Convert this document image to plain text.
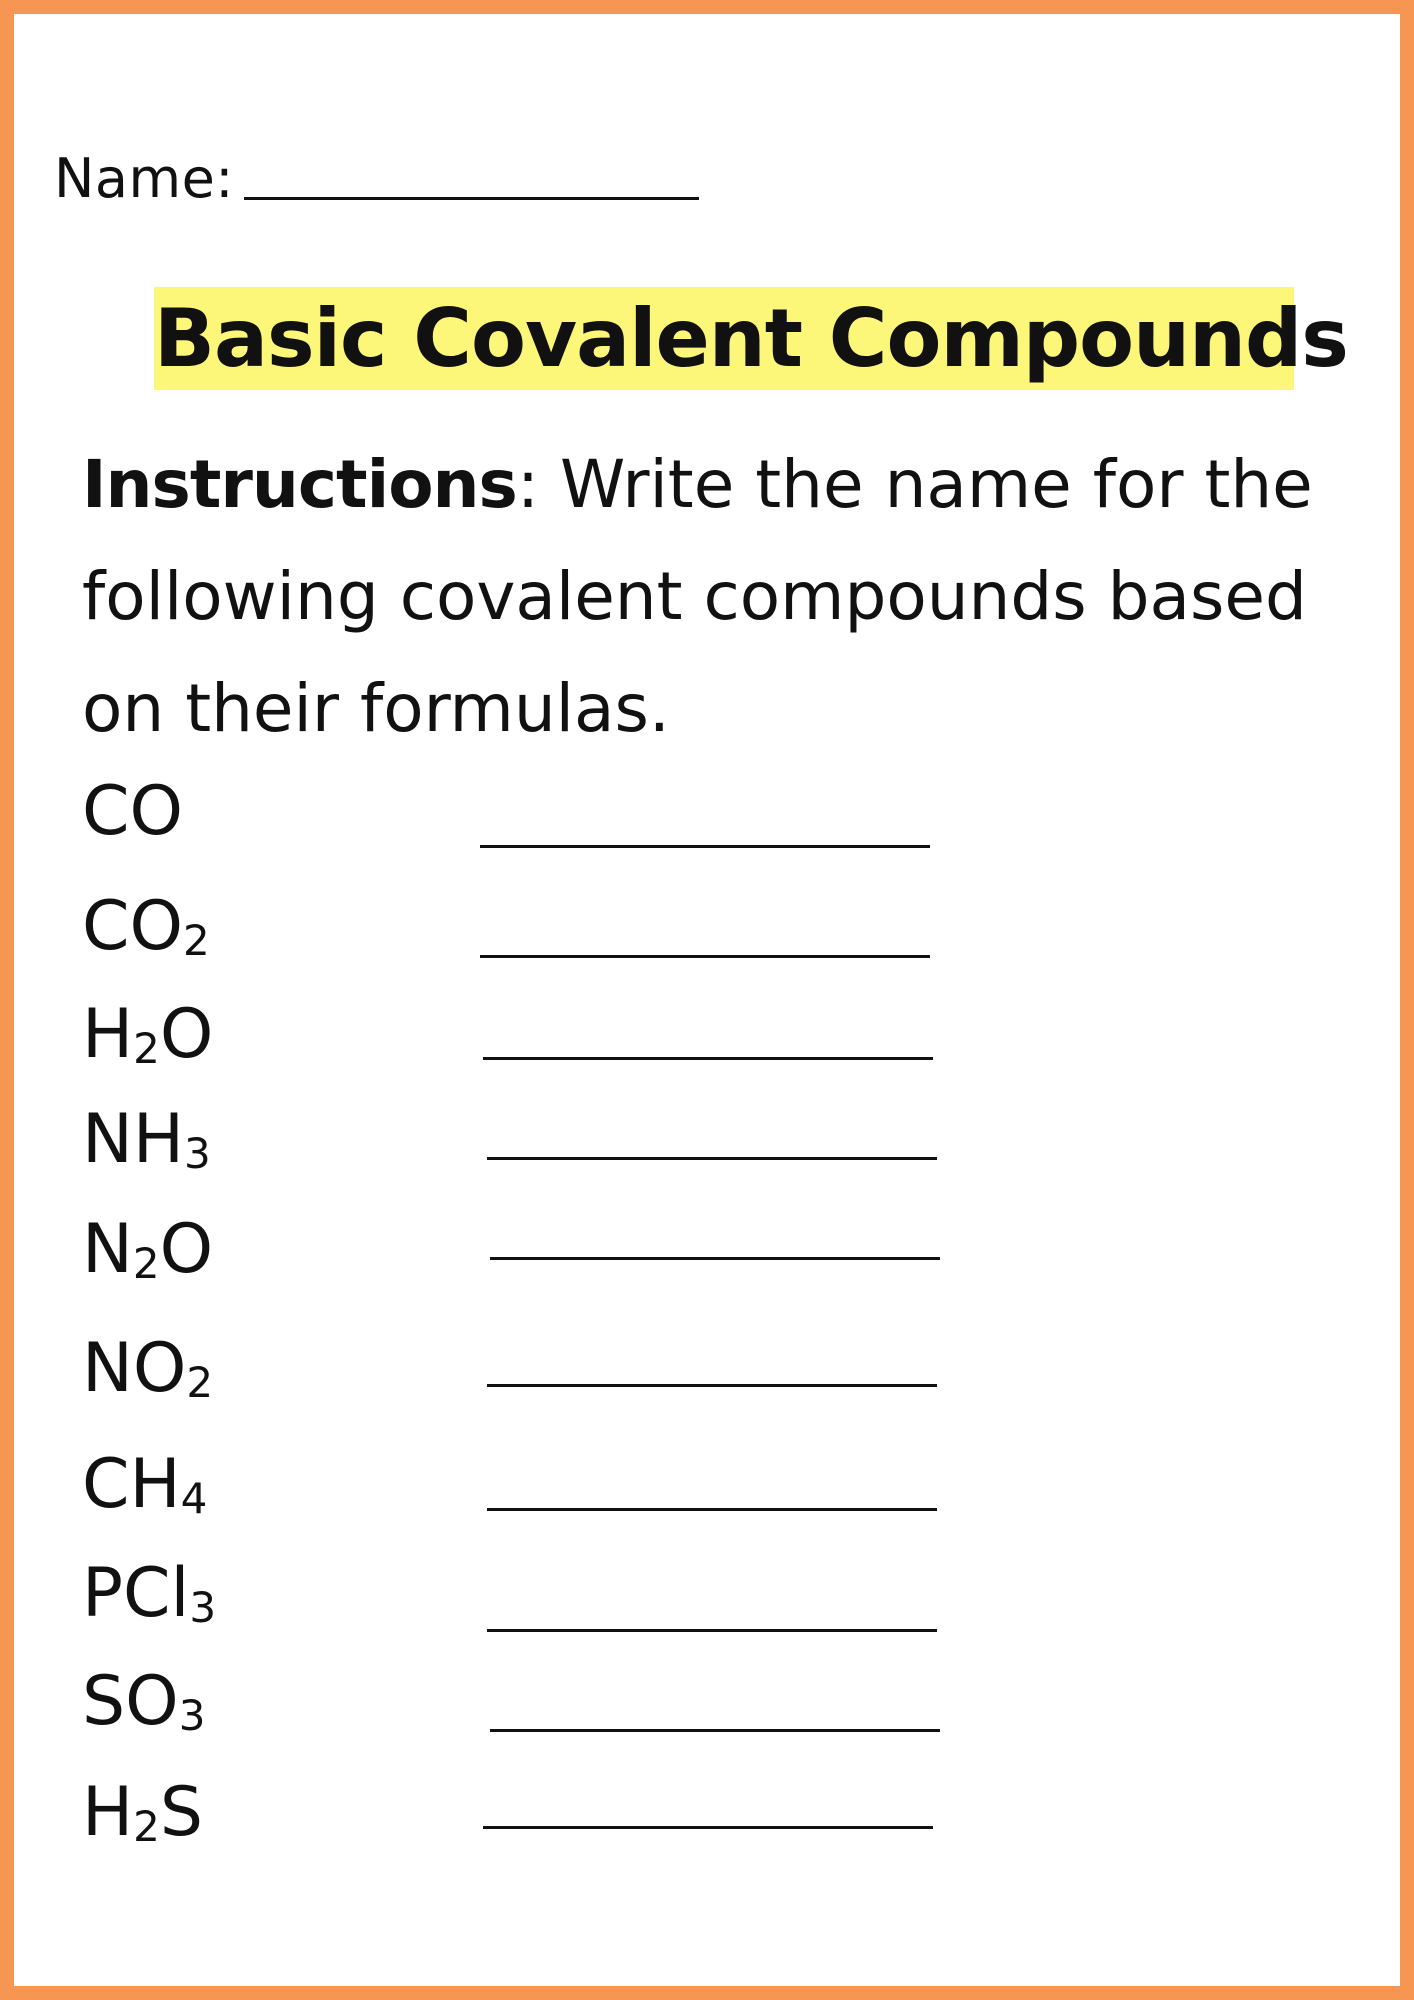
Name:
Basic Covalent Compounds
Instructions: Write the name for the following covalent compounds based on their formulas.
CO
$CO_2$
$H_2O$
$NH_3$
$N_2O$
$NO_2$
$CH_4$
PCl$_3$
$SO_3$
$H_2S$
